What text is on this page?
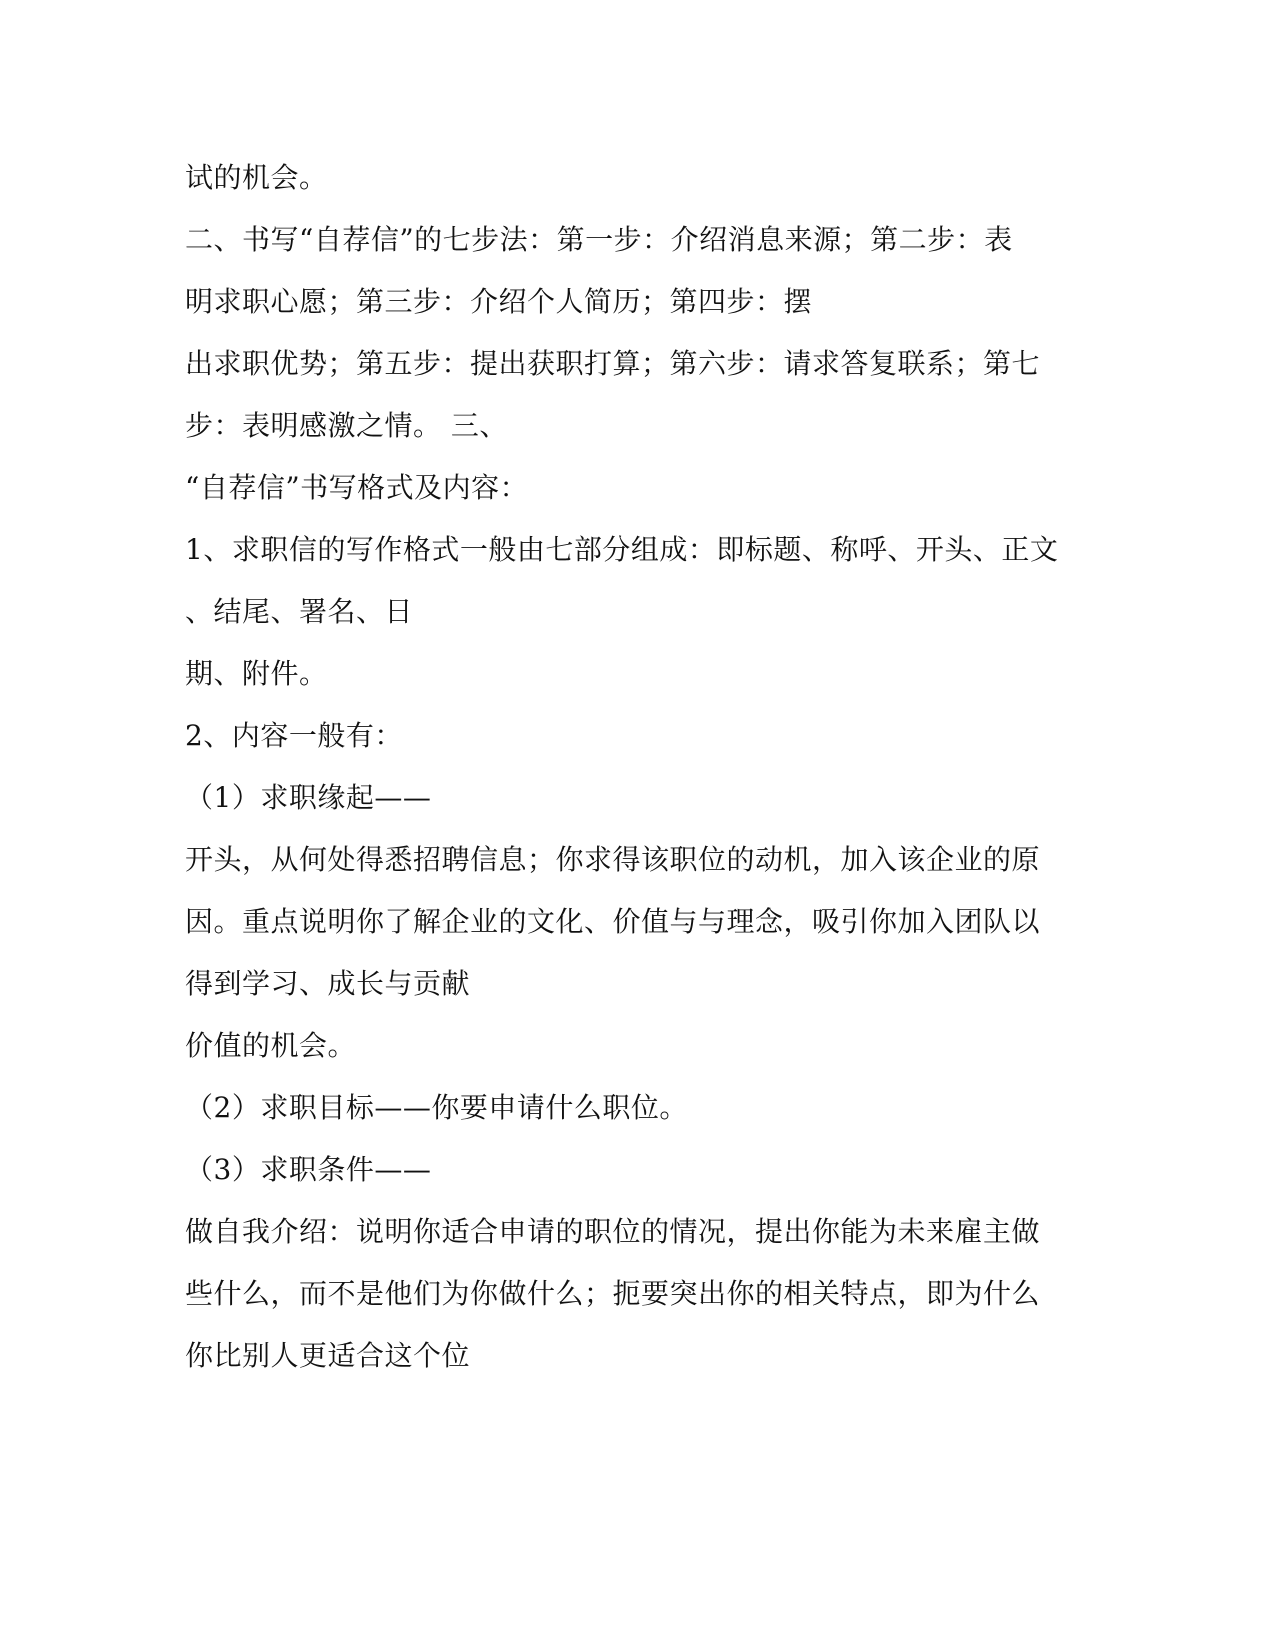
试的机会。
二、书写“自荐信”的七步法：第一步：介绍消息来源；第二步：表
明求职心愿；第三步：介绍个人简历；第四步：摆
出求职优势；第五步：提出获职打算；第六步：请求答复联系；第七
步：表明感激之情。 三、
“自荐信”书写格式及内容：
1、求职信的写作格式一般由七部分组成：即标题、称呼、开头、正文
、结尾、署名、日
期、附件。
2、内容一般有：
（1）求职缘起——
开头，从何处得悉招聘信息；你求得该职位的动机，加入该企业的原
因。重点说明你了解企业的文化、价值与与理念，吸引你加入团队以
得到学习、成长与贡献
价值的机会。
（2）求职目标——你要申请什么职位。
（3）求职条件——
做自我介绍：说明你适合申请的职位的情况，提出你能为未来雇主做
些什么，而不是他们为你做什么；扼要突出你的相关特点，即为什么
你比别人更适合这个位
